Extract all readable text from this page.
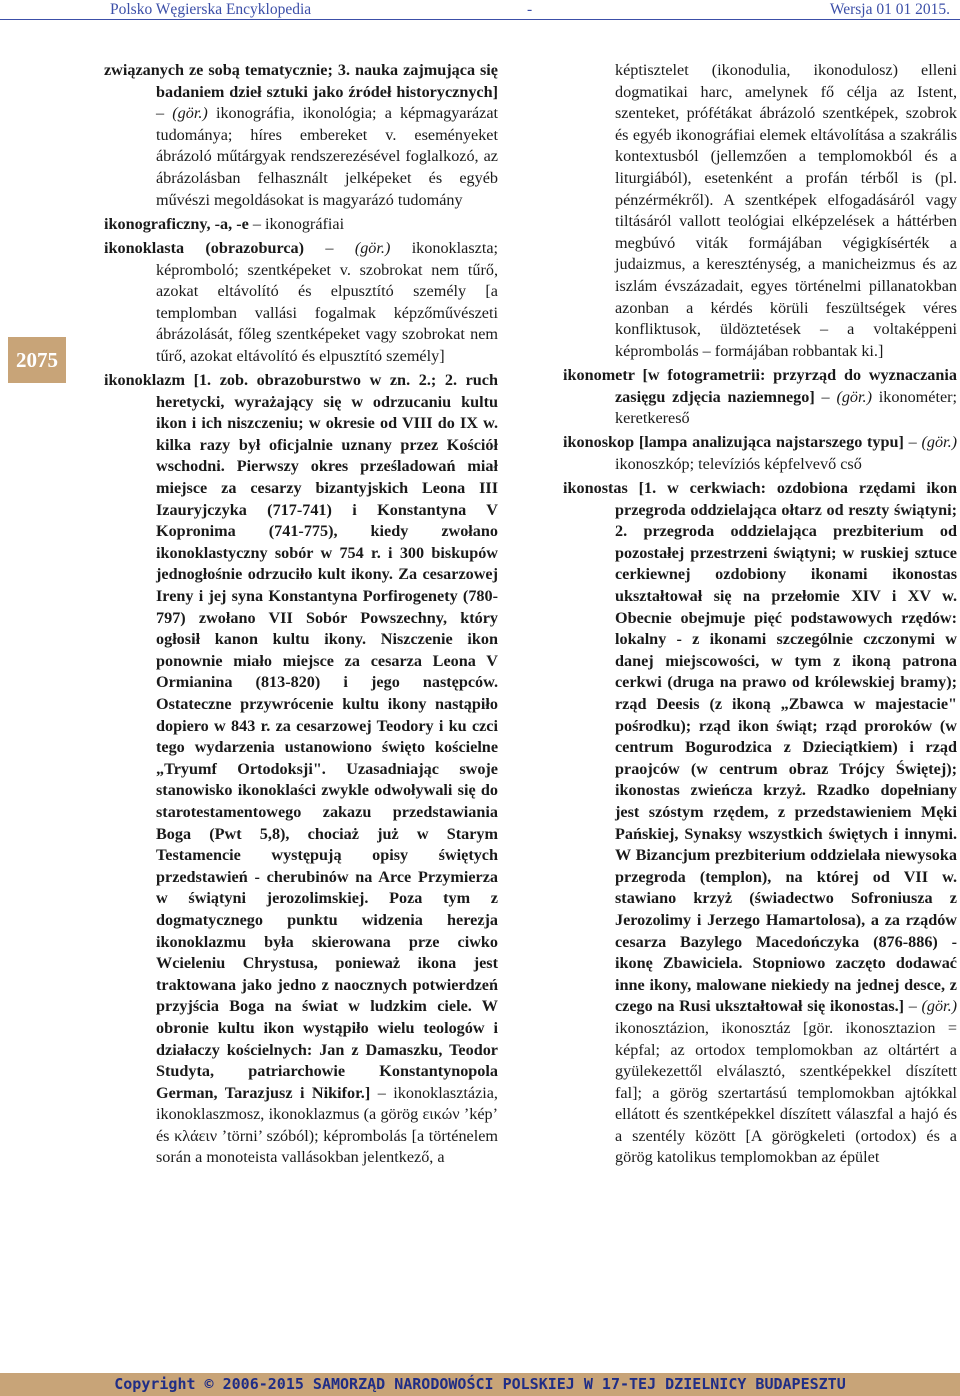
Polsko Węgierska Encyklopedia	-	Wersja 01 01 2015.
2075

związanych ze sobą tematycznie; 3. nauka zajmująca się badaniem dzieł sztuki jako źródeł historycznych] – (gör.) ikonográfia, ikonológia; a képmagyarázat tudománya; híres embereket v. eseményeket ábrázoló műtárgyak rendszerezésével foglalkozó, az ábrázolásban felhasznált jelképeket és egyéb művészi megoldásokat is magyarázó tudomány

ikonograficzny, -a, -e – ikonográfiai

ikonoklasta (obrazoburca) – (gör.) ikonoklaszta; képromboló; szentképeket v. szobrokat nem tűrő, azokat eltávolító és elpusztító személy [a templomban vallási fogalmak képzőművészeti ábrázolását, főleg szentképeket vagy szobrokat nem tűrő, azokat eltávolító és elpusztító személy]

ikonoklazm [1. zob. obrazoburstwo w zn. 2.; 2. ruch heretycki, wyrażający się w odrzucaniu kultu ikon i ich niszczeniu; w okresie od VIII do IX w. kilka razy był oficjalnie uznany przez Kościół wschodni. Pierwszy okres prześladowań miał miejsce za cesarzy bizantyjskich Leona III Izauryjczyka (717-741) i Konstantyna V Kopronima (741-775), kiedy zwołano ikonoklastyczny sobór w 754 r. i 300 biskupów jednogłośnie odrzuciło kult ikony. Za cesarzowej Ireny i jej syna Konstantyna Porfirogenety (780-797) zwołano VII Sobór Powszechny, który ogłosił kanon kultu ikony. Niszczenie ikon ponownie miało miejsce za cesarza Leona V Ormianina (813-820) i jego następców. Ostateczne przywrócenie kultu ikony nastąpiło dopiero w 843 r. za cesarzowej Teodory i ku czci tego wydarzenia ustanowiono święto kościelne „Tryumf Ortodoksji". Uzasadniając swoje stanowisko ikonoklaści zwykle odwoływali się do starotestamentowego zakazu przedstawiania Boga (Pwt 5,8), chociaż już w Starym Testamencie występują opisy świętych przedstawień - cherubinów na Arce Przymierza w świątyni jerozolimskiej. Poza tym z dogmatycznego punktu widzenia herezja ikonoklazmu była skierowana prze ciwko Wcieleniu Chrystusa, ponieważ ikona jest traktowana jako jedno z naocznych potwierdzeń przyjścia Boga na świat w ludzkim ciele. W obronie kultu ikon wystąpiło wielu teologów i działaczy kościelnych: Jan z Damaszku, Teodor Studyta, patriarchowie Konstantynopola German, Tarazjusz i Nikifor.] – ikonoklasztázia, ikonoklaszmosz, ikonoklazmus (a görög εικών ’kép’ és κλάειν ’törni’ szóból); képrombolás [a történelem során a monoteista vallásokban jelentkező, a

képtisztelet (ikonodulia, ikonodulosz) elleni dogmatikai harc, amelynek fő célja az Istent, szenteket, prófétákat ábrázoló szentképek, szobrok és egyéb ikonográfiai elemek eltávolítása a szakrális kontextusból (jellemzően a templomokból és a liturgiából), esetenként a profán térből is (pl. pénzérmékről). A szentképek elfogadásáról vagy tiltásáról vallott teológiai elképzelések a háttérben megbúvó viták formájában végigkísérték a judaizmus, a kereszténység, a manicheizmus és az iszlám évszázadait, egyes történelmi pillanatokban azonban a kérdés körüli feszültségek véres konfliktusok, üldöztetések – a voltaképpeni képrombolás – formájában robbantak ki.]

ikonometr [w fotogrametrii: przyrząd do wyznaczania zasięgu zdjęcia naziemnego] – (gör.) ikonométer; keretkereső

ikonoskop [lampa analizująca najstarszego typu] – (gör.) ikonoszkóp; televíziós képfelvevő cső

ikonostas [1. w cerkwiach: ozdobiona rzędami ikon przegroda oddzielająca ołtarz od reszty świątyni; 2. przegroda oddzielająca prezbiterium od pozostałej przestrzeni świątyni; w ruskiej sztuce cerkiewnej ozdobiony ikonami ikonostas ukształtował się na przełomie XIV i XV w. Obecnie obejmuje pięć podstawowych rzędów: lokalny - z ikonami szczególnie czczonymi w danej miejscowości, w tym z ikoną patrona cerkwi (druga na prawo od królewskiej bramy); rząd Deesis (z ikoną „Zbawca w majestacie" pośrodku); rząd ikon świąt; rząd proroków (w centrum Bogurodzica z Dzieciątkiem) i rząd praojców (w centrum obraz Trójcy Świętej); ikonostas zwieńcza krzyż. Rzadko dopełniany jest szóstym rzędem, z przedstawieniem Męki Pańskiej, Synaksy wszystkich świętych i innymi. W Bizancjum prezbiterium oddzielała niewysoka przegroda (templon), na której od VII w. stawiano krzyż (świadectwo Sofroniusza z Jerozolimy i Jerzego Hamartolosa), a za rządów cesarza Bazylego Macedończyka (876-886) - ikonę Zbawiciela. Stopniowo zaczęto dodawać inne ikony, malowane niekiedy na jednej desce, z czego na Rusi ukształtował się ikonostas.] – (gör.) ikonosztázion, ikonosztáz [gör. ikonosztazion = képfal; az ortodox templomokban az oltártért a gyülekezettől elválasztó, szentképekkel díszített fal]; a görög szertartású templomokban ajtókkal ellátott és szentképekkel díszített válaszfal a hajó és a szentély között [A görögkeleti (ortodox) és a görög katolikus templomokban az épület

Copyright © 2006-2015 SAMORZĄD NARODOWOŚCI POLSKIEJ W 17-TEJ DZIELNICY BUDAPESZTU
